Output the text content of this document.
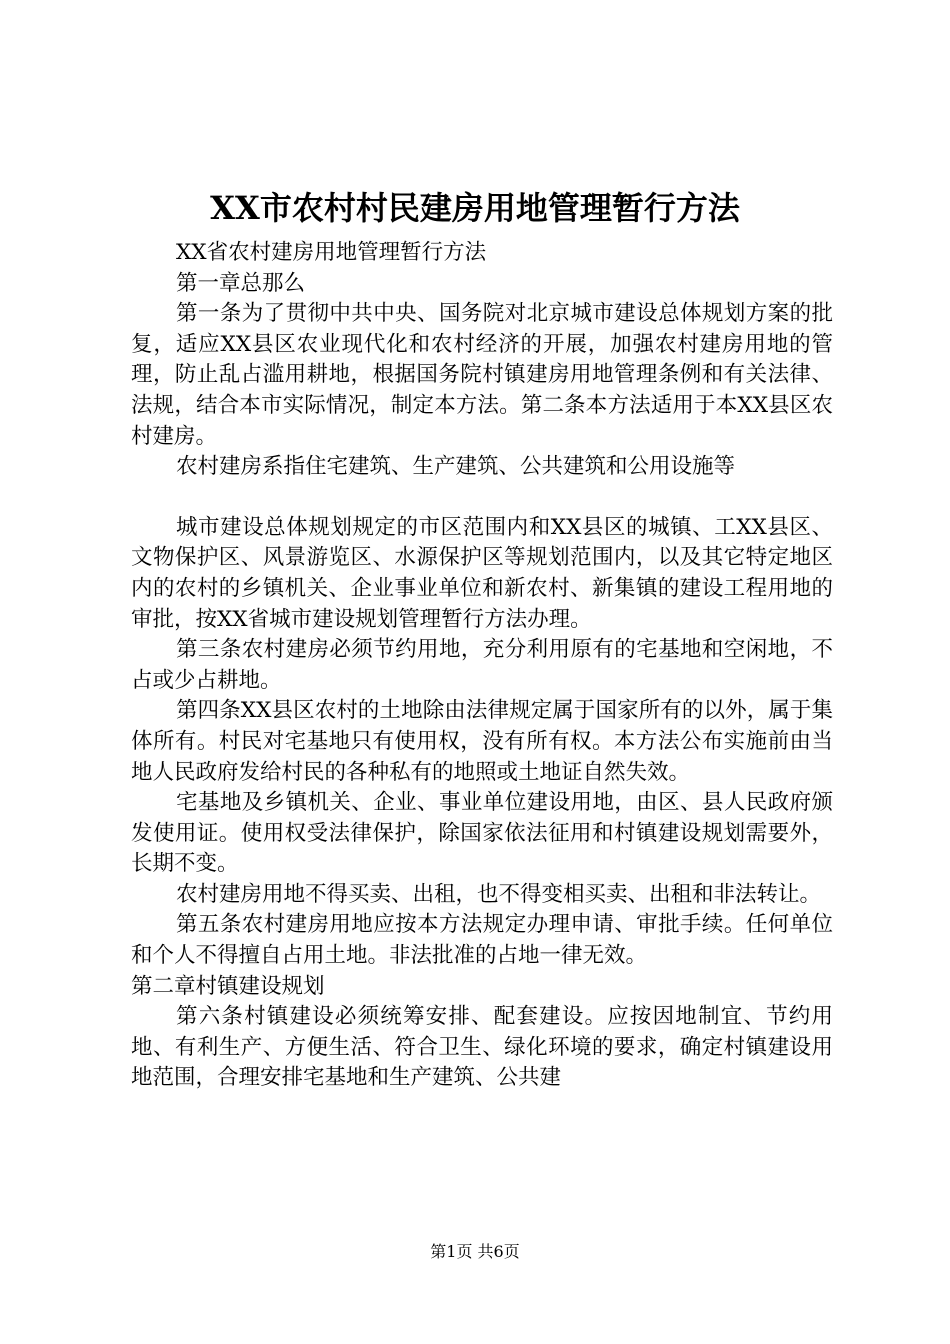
XX市农村村民建房用地管理暂行方法

XX省农村建房用地管理暂行方法

第一章总那么

第一条为了贯彻中共中央、国务院对北京城市建设总体规划方案的批复，适应XX县区农业现代化和农村经济的开展，加强农村建房用地的管理，防止乱占滥用耕地，根据国务院村镇建房用地管理条例和有关法律、法规，结合本市实际情况，制定本方法。第二条本方法适用于本XX县区农村建房。

农村建房系指住宅建筑、生产建筑、公共建筑和公用设施等

城市建设总体规划规定的市区范围内和XX县区的城镇、工XX县区、文物保护区、风景游览区、水源保护区等规划范围内，以及其它特定地区内的农村的乡镇机关、企业事业单位和新农村、新集镇的建设工程用地的审批，按XX省城市建设规划管理暂行方法办理。

第三条农村建房必须节约用地，充分利用原有的宅基地和空闲地，不占或少占耕地。

第四条XX县区农村的土地除由法律规定属于国家所有的以外，属于集体所有。村民对宅基地只有使用权，没有所有权。本方法公布实施前由当地人民政府发给村民的各种私有的地照或土地证自然失效。

宅基地及乡镇机关、企业、事业单位建设用地，由区、县人民政府颁发使用证。使用权受法律保护，除国家依法征用和村镇建设规划需要外，长期不变。

农村建房用地不得买卖、出租，也不得变相买卖、出租和非法转让。

第五条农村建房用地应按本方法规定办理申请、审批手续。任何单位和个人不得擅自占用土地。非法批准的占地一律无效。

第二章村镇建设规划

第六条村镇建设必须统筹安排、配套建设。应按因地制宜、节约用地、有利生产、方便生活、符合卫生、绿化环境的要求，确定村镇建设用地范围，合理安排宅基地和生产建筑、公共建

第1页 共6页
